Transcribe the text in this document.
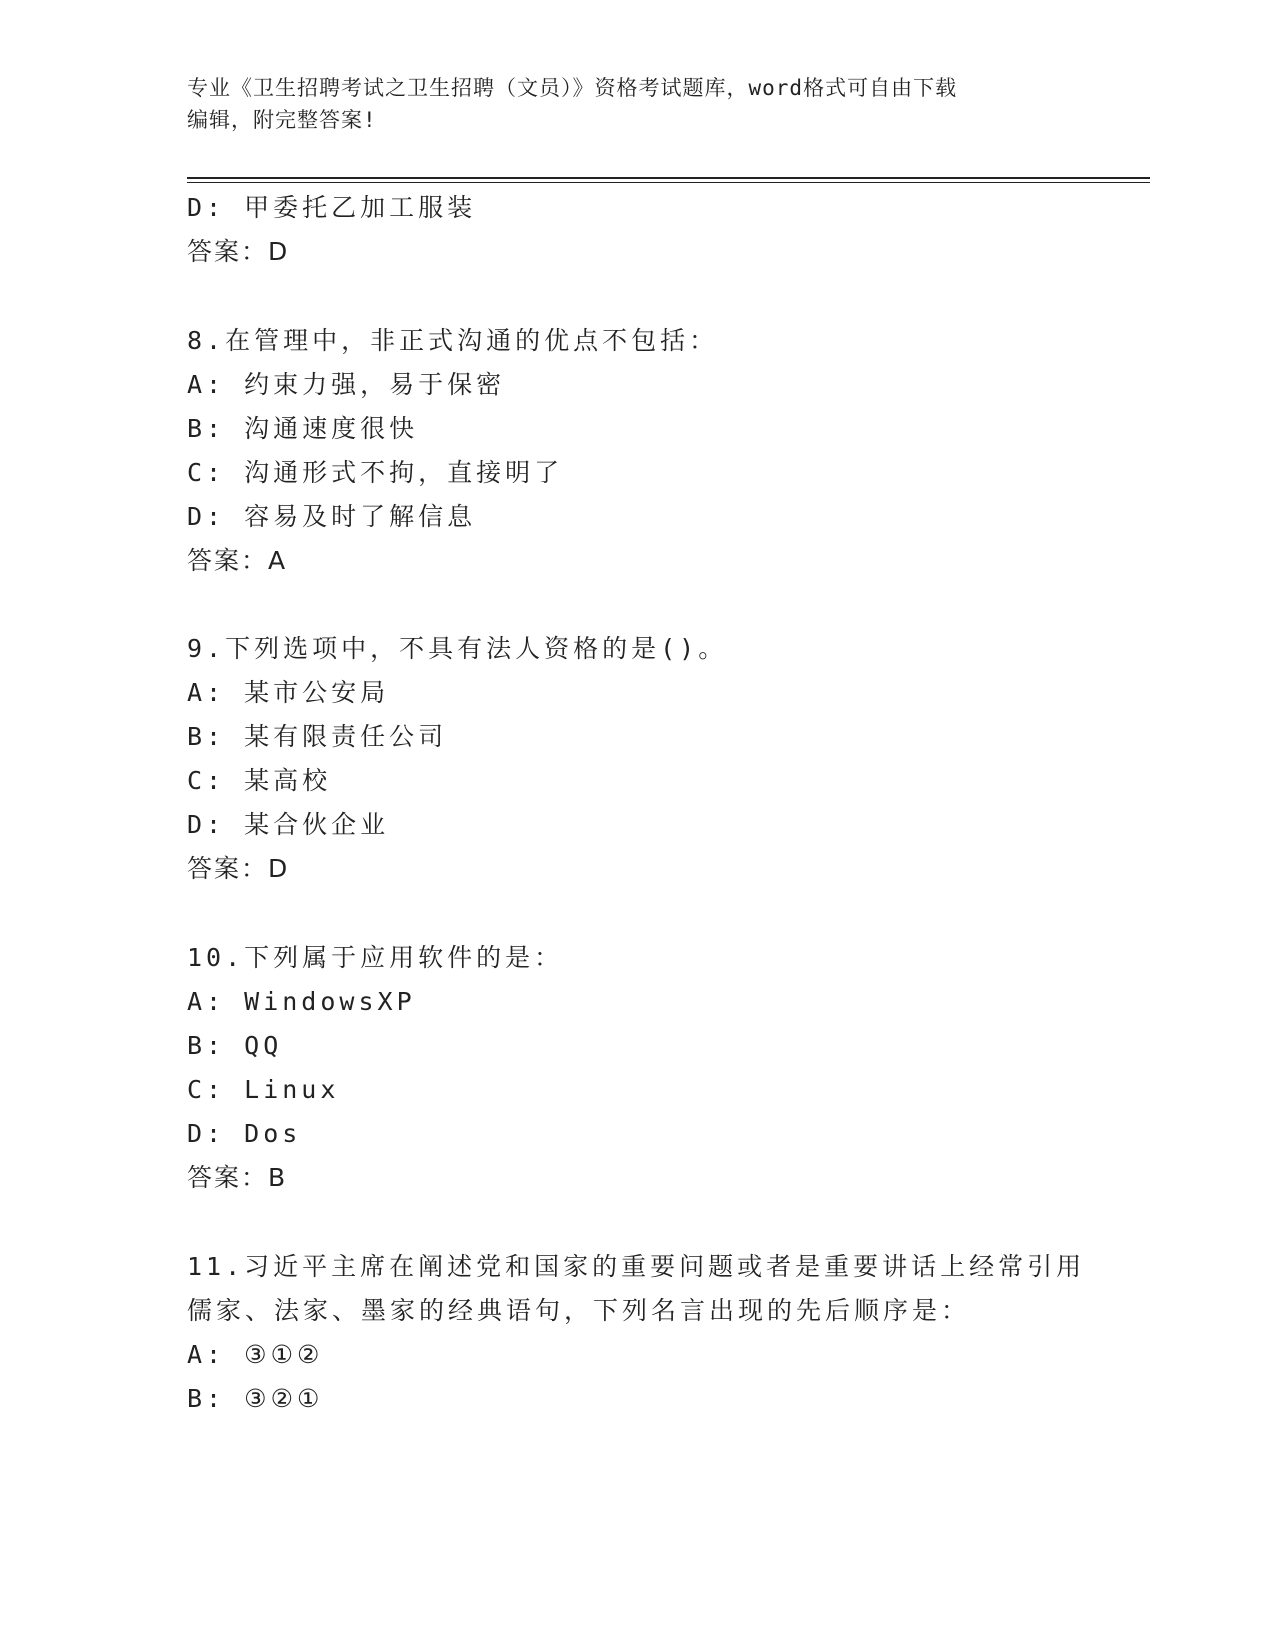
专业《卫生招聘考试之卫生招聘（文员）》资格考试题库，word格式可自由下载
编辑，附完整答案!
D: 甲委托乙加工服装
答案：D
8.在管理中，非正式沟通的优点不包括：
A: 约束力强，易于保密
B: 沟通速度很快
C: 沟通形式不拘，直接明了
D: 容易及时了解信息
答案：A
9.下列选项中，不具有法人资格的是()。
A: 某市公安局
B: 某有限责任公司
C: 某高校
D: 某合伙企业
答案：D
10.下列属于应用软件的是：
A: WindowsXP
B: QQ
C: Linux
D: Dos
答案：B
11.习近平主席在阐述党和国家的重要问题或者是重要讲话上经常引用
儒家、法家、墨家的经典语句，下列名言出现的先后顺序是：
A: ③①②
B: ③②①
